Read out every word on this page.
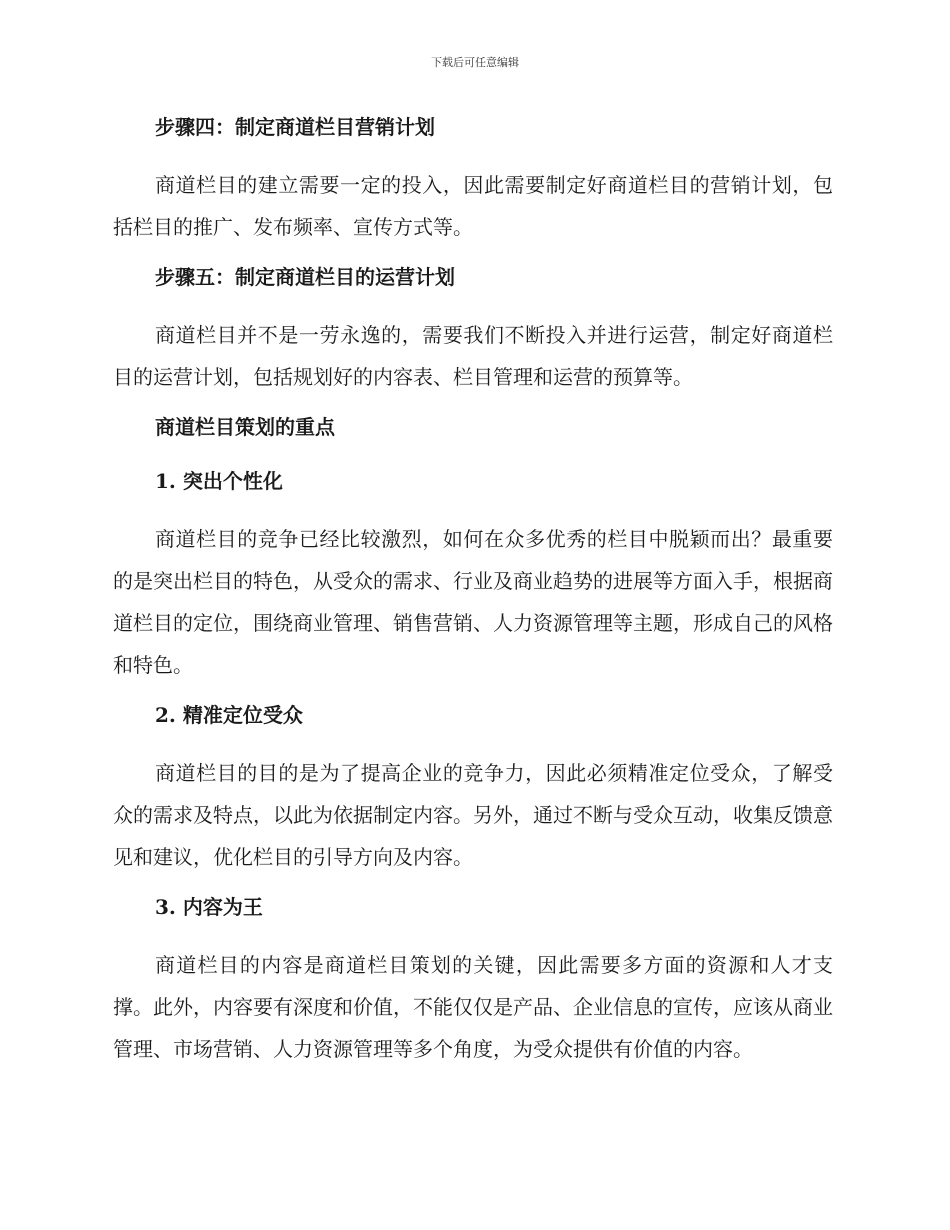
下载后可任意编辑
步骤四：制定商道栏目营销计划

商道栏目的建立需要一定的投入，因此需要制定好商道栏目的营销计划，包括栏目的推广、发布频率、宣传方式等。

步骤五：制定商道栏目的运营计划

商道栏目并不是一劳永逸的，需要我们不断投入并进行运营，制定好商道栏目的运营计划，包括规划好的内容表、栏目管理和运营的预算等。

商道栏目策划的重点
1. 突出个性化

商道栏目的竞争已经比较激烈，如何在众多优秀的栏目中脱颖而出？最重要的是突出栏目的特色，从受众的需求、行业及商业趋势的进展等方面入手，根据商道栏目的定位，围绕商业管理、销售营销、人力资源管理等主题，形成自己的风格和特色。

2. 精准定位受众

商道栏目的目的是为了提高企业的竞争力，因此必须精准定位受众，了解受众的需求及特点，以此为依据制定内容。另外，通过不断与受众互动，收集反馈意见和建议，优化栏目的引导方向及内容。

3. 内容为王

商道栏目的内容是商道栏目策划的关键，因此需要多方面的资源和人才支撑。此外，内容要有深度和价值，不能仅仅是产品、企业信息的宣传，应该从商业管理、市场营销、人力资源管理等多个角度，为受众提供有价值的内容。
